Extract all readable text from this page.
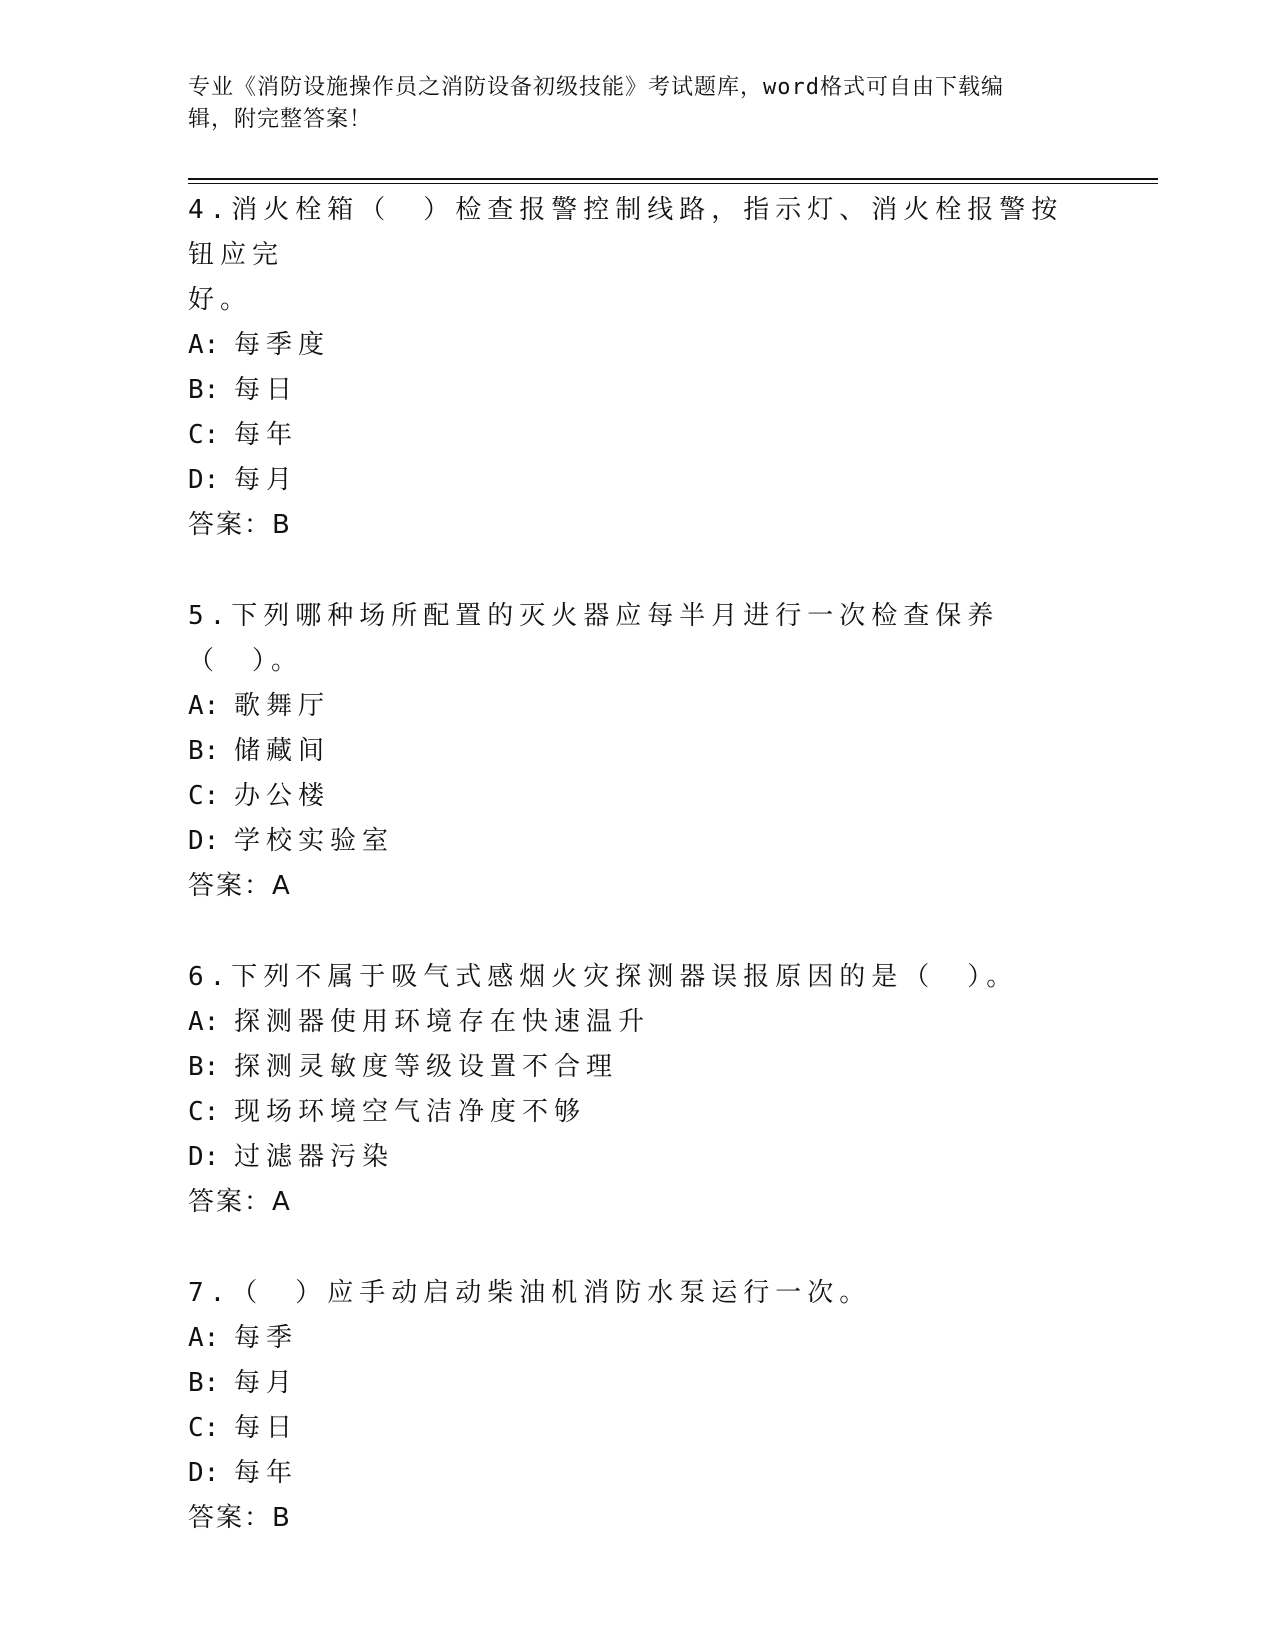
专业《消防设施操作员之消防设备初级技能》考试题库，word格式可自由下载编
辑，附完整答案！

4.消火栓箱（　）检查报警控制线路，指示灯、消火栓报警按钮应完

好。

A: 每季度

B: 每日

C: 每年

D: 每月

答案：B

5.下列哪种场所配置的灭火器应每半月进行一次检查保养（　）。

A: 歌舞厅

B: 储藏间

C: 办公楼

D: 学校实验室

答案：A

6.下列不属于吸气式感烟火灾探测器误报原因的是（　）。

A: 探测器使用环境存在快速温升

B: 探测灵敏度等级设置不合理

C: 现场环境空气洁净度不够

D: 过滤器污染

答案：A

7.（　）应手动启动柴油机消防水泵运行一次。

A: 每季

B: 每月

C: 每日

D: 每年

答案：B
